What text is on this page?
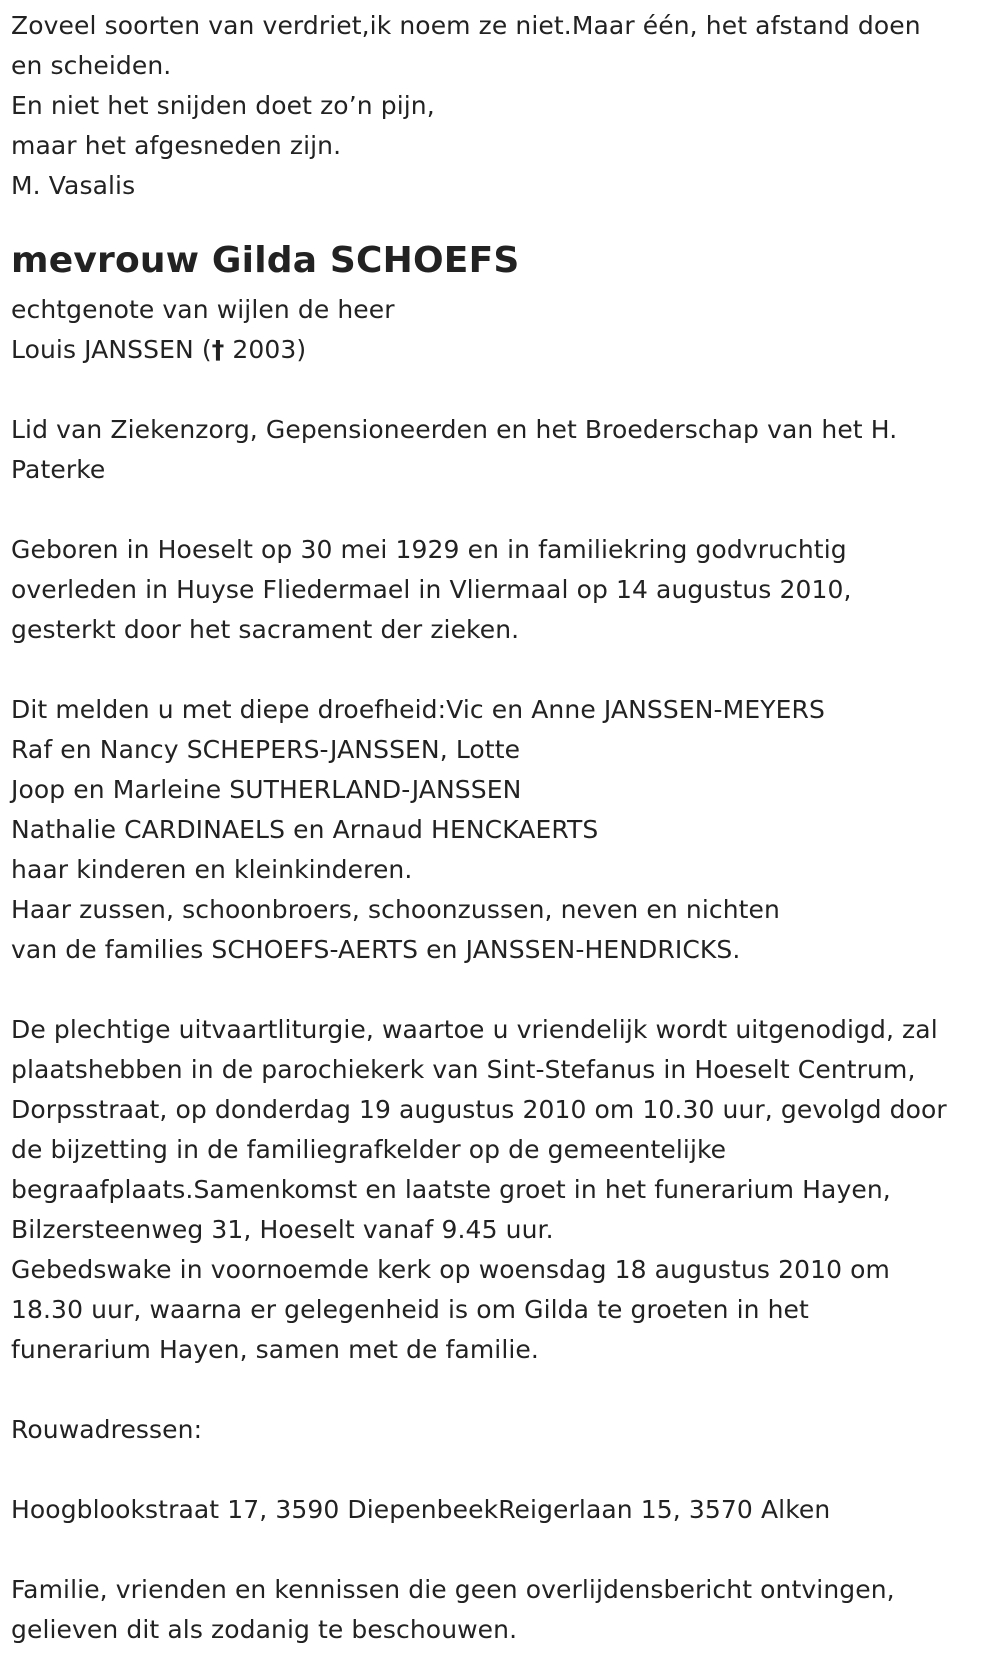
Zoveel soorten van verdriet,ik noem ze niet.Maar één, het afstand doen
en scheiden.
En niet het snijden doet zo’n pijn,
maar het afgesneden zijn.
M. Vasalis
mevrouw Gilda SCHOEFS
echtgenote van wijlen de heer
Louis JANSSEN († 2003)
Lid van Ziekenzorg, Gepensioneerden en het Broederschap van het H.
Paterke
Geboren in Hoeselt op 30 mei 1929 en in familiekring godvruchtig
overleden in Huyse Fliedermael in Vliermaal op 14 augustus 2010,
gesterkt door het sacrament der zieken.
Dit melden u met diepe droefheid:Vic en Anne JANSSEN-MEYERS
Raf en Nancy SCHEPERS-JANSSEN, Lotte
Joop en Marleine SUTHERLAND-JANSSEN
Nathalie CARDINAELS en Arnaud HENCKAERTS
haar kinderen en kleinkinderen.
Haar zussen, schoonbroers, schoonzussen, neven en nichten
van de families SCHOEFS-AERTS en JANSSEN-HENDRICKS.
De plechtige uitvaartliturgie, waartoe u vriendelijk wordt uitgenodigd, zal
plaatshebben in de parochiekerk van Sint-Stefanus in Hoeselt Centrum,
Dorpsstraat, op donderdag 19 augustus 2010 om 10.30 uur, gevolgd door
de bijzetting in de familiegrafkelder op de gemeentelijke
begraafplaats.Samenkomst en laatste groet in het funerarium Hayen,
Bilzersteenweg 31, Hoeselt vanaf 9.45 uur.
Gebedswake in voornoemde kerk op woensdag 18 augustus 2010 om
18.30 uur, waarna er gelegenheid is om Gilda te groeten in het
funerarium Hayen, samen met de familie.
Rouwadressen:
Hoogblookstraat 17, 3590 DiepenbeekReigerlaan 15, 3570 Alken
Familie, vrienden en kennissen die geen overlijdensbericht ontvingen,
gelieven dit als zodanig te beschouwen.
